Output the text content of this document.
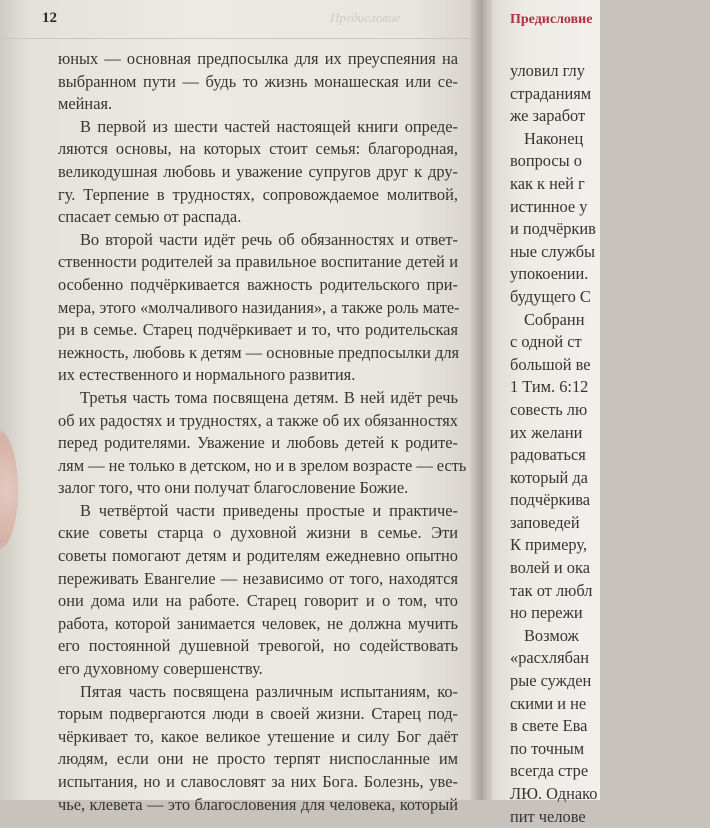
12	Предисловие
юных — основная предпосылка для их преуспеяния на
выбранном пути — будь то жизнь монашеская или се-
мейная.
В первой из шести частей настоящей книги опреде-
ляются основы, на которых стоит семья: благородная,
великодушная любовь и уважение супругов друг к дру-
гу. Терпение в трудностях, сопровождаемое молитвой,
спасает семью от распада.
Во второй части идёт речь об обязанностях и ответ-
ственности родителей за правильное воспитание детей и
особенно подчёркивается важность родительского при-
мера, этого «молчаливого назидания», а также роль мате-
ри в семье. Старец подчёркивает и то, что родительская
нежность, любовь к детям — основные предпосылки для
их естественного и нормального развития.
Третья часть тома посвящена детям. В ней идёт речь
об их радостях и трудностях, а также об их обязанностях
перед родителями. Уважение и любовь детей к родите-
лям — не только в детском, но и в зрелом возрасте — есть
залог того, что они получат благословение Божие.
В четвёртой части приведены простые и практиче-
ские советы старца о духовной жизни в семье. Эти
советы помогают детям и родителям ежедневно опытно
переживать Евангелие — независимо от того, находятся
они дома или на работе. Старец говорит и о том, что
работа, которой занимается человек, не должна мучить
его постоянной душевной тревогой, но содействовать
его духовному совершенству.
Пятая часть посвящена различным испытаниям, ко-
торым подвергаются люди в своей жизни. Старец под-
чёркивает то, какое великое утешение и силу Бог даёт
людям, если они не просто терпят ниспосланные им
испытания, но и славословят за них Бога. Болезнь, увe-
чье, клевета — это благословения для человека, который
Предисловие
уловил глу
страданиям
же заработ
Наконец
вопросы о
как к ней г
истинное у
и подчёркив
ные службы
упокоении.
будущего С
Собранн
с одной ст
большой ве
1 Тим. 6:12
совесть лю
их желани
радоваться
который да
подчёркива
заповедей
К примеру,
волей и ока
так от любл
но пережи
Возмож
«расхлябан
рые сужден
скими и не
в свете Ева
по точным
всегда стре
ЛЮ. Однако
пит челове
